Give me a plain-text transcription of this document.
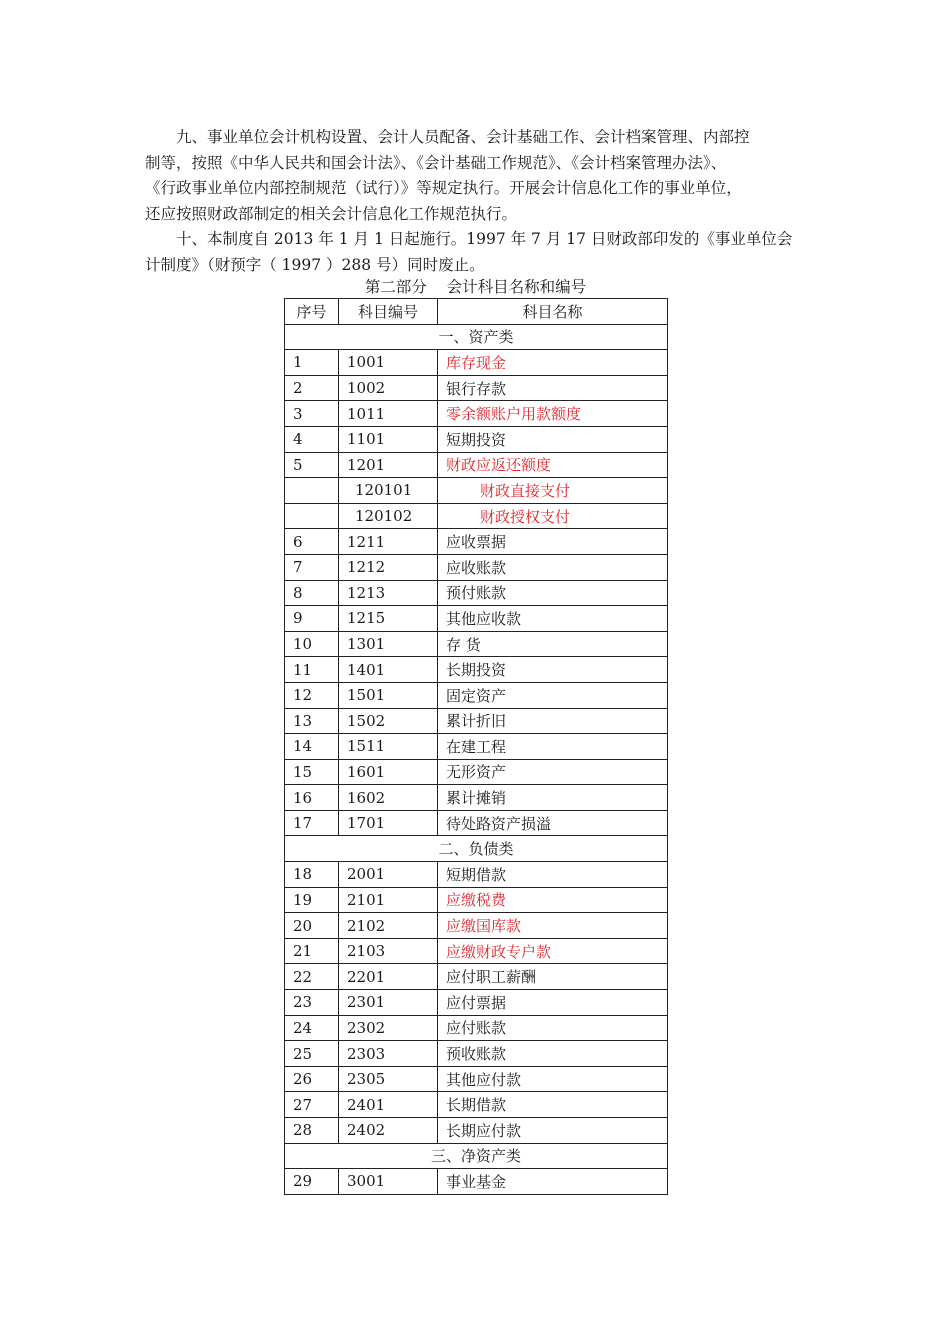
九、事业单位会计机构设置、会计人员配备、会计基础工作、会计档案管理、内部控
制等，按照《中华人民共和国会计法》、《会计基础工作规范》、《会计档案管理办法》、
《行政事业单位内部控制规范（试行）》等规定执行。开展会计信息化工作的事业单位，
还应按照财政部制定的相关会计信息化工作规范执行。

十、本制度自 2013 年 1 月 1 日起施行。1997 年 7 月 17 日财政部印发的《事业单位会
计制度》（财预字（ 1997 ）288 号）同时废止。

第二部分    会计科目名称和编号
序号	科目编号	科目名称
一、资产类		
1	1001	库存现金
2	1002	银行存款
3	1011	零余额账户用款额度
4	1101	短期投资
5	1201	财政应返还额度
	120101	财政直接支付
	120102	财政授权支付
6	1211	应收票据
7	1212	应收账款
8	1213	预付账款
9	1215	其他应收款
10	1301	存 货
11	1401	长期投资
12	1501	固定资产
13	1502	累计折旧
14	1511	在建工程
15	1601	无形资产
16	1602	累计摊销
17	1701	待处路资产损溢
二、负债类		
18	2001	短期借款
19	2101	应缴税费
20	2102	应缴国库款
21	2103	应缴财政专户款
22	2201	应付职工薪酬
23	2301	应付票据
24	2302	应付账款
25	2303	预收账款
26	2305	其他应付款
27	2401	长期借款
28	2402	长期应付款
三、净资产类		
29	3001	事业基金
